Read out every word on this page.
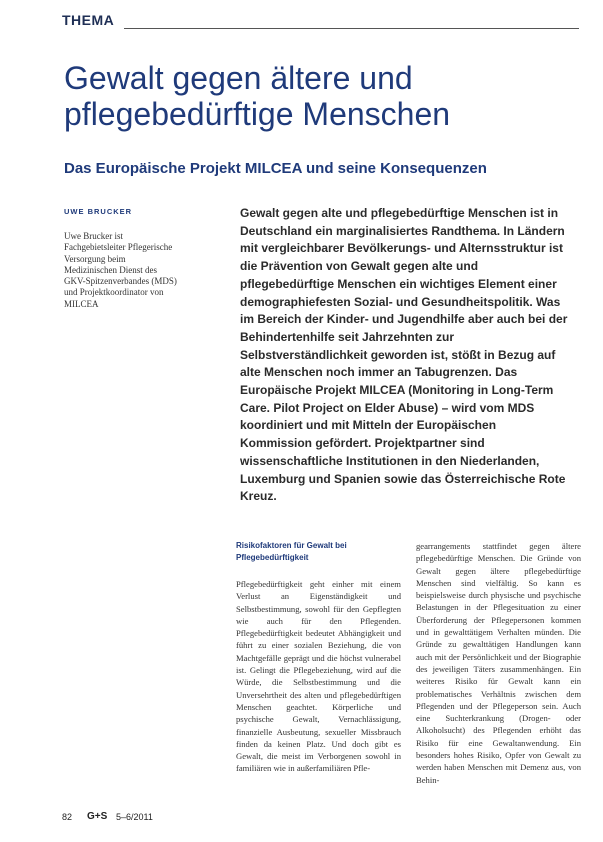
THEMA
Gewalt gegen ältere und pflegebedürftige Menschen
Das Europäische Projekt MILCEA und seine Konsequenzen
UWE BRUCKER
Uwe Brucker ist Fachgebietsleiter Pflegerische Versorgung beim Medizinischen Dienst des GKV-Spitzenverbandes (MDS) und Projektkoordinator von MILCEA

Gewalt gegen alte und pflegebedürftige Menschen ist in Deutschland ein marginalisiertes Randthema. In Ländern mit vergleichbarer Bevölkerungs- und Alternsstruktur ist die Prävention von Gewalt gegen alte und pflegebedürftige Menschen ein wichtiges Element einer demographiefesten Sozial- und Gesundheitspolitik. Was im Bereich der Kinder- und Jugendhilfe aber auch bei der Behindertenhilfe seit Jahrzehnten zur Selbstverständlichkeit geworden ist, stößt in Bezug auf alte Menschen noch immer an Tabugrenzen. Das Europäische Projekt MILCEA (Monitoring in Long-Term Care. Pilot Project on Elder Abuse) – wird vom MDS koordiniert und mit Mitteln der Europäischen Kommission gefördert. Projektpartner sind wissenschaftliche Institutionen in den Niederlanden, Luxemburg und Spanien sowie das Österreichische Rote Kreuz.

Risikofaktoren für Gewalt bei Pflegebedürftigkeit

Pflegebedürftigkeit geht einher mit einem Verlust an Eigenständigkeit und Selbstbestimmung, sowohl für den Gepflegten wie auch für den Pflegenden. Pflegebedürftigkeit bedeutet Abhängigkeit und führt zu einer sozialen Beziehung, die von Machtgefälle geprägt und die höchst vulnerabel ist. Gelingt die Pflegebeziehung, wird auf die Würde, die Selbstbestimmung und die Unversehrtheit des alten und pflegebedürftigen Menschen geachtet. Körperliche und psychische Gewalt, Vernachlässigung, finanzielle Ausbeutung, sexueller Missbrauch finden da keinen Platz. Und doch gibt es Gewalt, die meist im Verborgenen sowohl in familiären wie in außerfamiliären Pfle-

gearrangements stattfindet gegen ältere pflegebedürftige Menschen. Die Gründe von Gewalt gegen ältere pflegebedürftige Menschen sind vielfältig. So kann es beispielsweise durch physische und psychische Belastungen in der Pflegesituation zu einer Überforderung der Pflegepersonen kommen und in gewalttätigem Verhalten münden. Die Gründe zu gewalttätigen Handlungen kann auch mit der Persönlichkeit und der Biographie des jeweiligen Täters zusammenhängen. Ein weiteres Risiko für Gewalt kann ein problematisches Verhältnis zwischen dem Pflegenden und der Pflegeperson sein. Auch eine Suchterkrankung (Drogen- oder Alkoholsucht) des Pflegenden erhöht das Risiko für eine Gewaltanwendung. Ein besonders hohes Risiko, Opfer von Gewalt zu werden haben Menschen mit Demenz aus, von Behin-

82 G+S 5–6/2011
